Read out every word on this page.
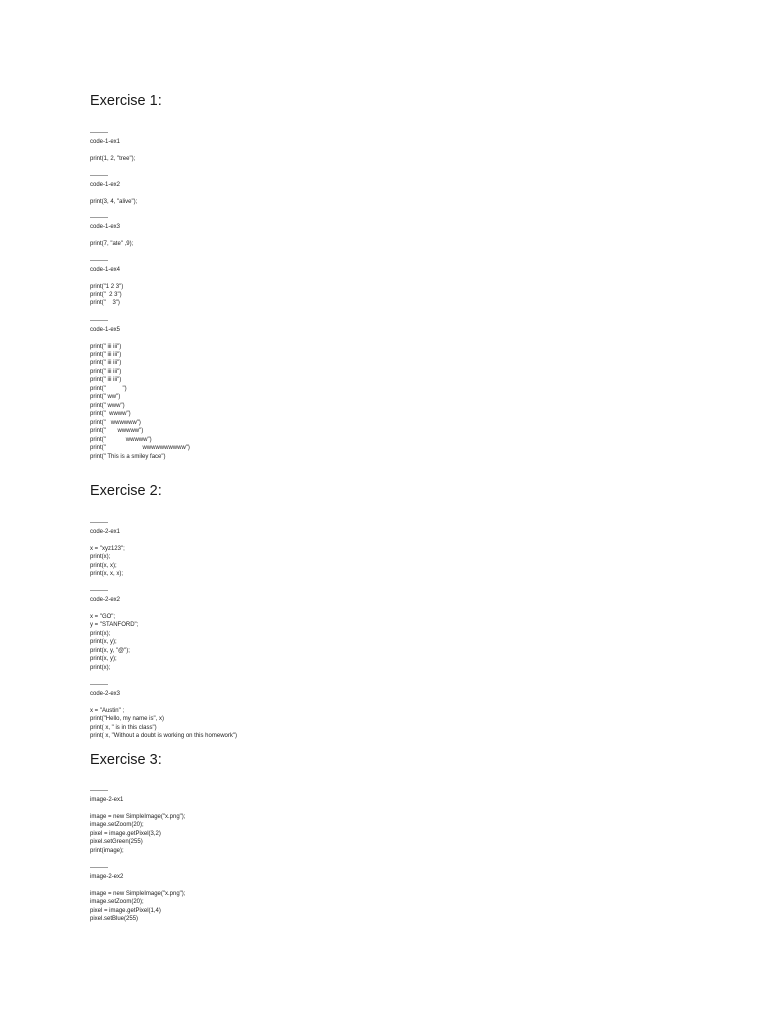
Exercise 1:
———
code-1-ex1
print(1, 2, "tree");
———
code-1-ex2
print(3, 4, "alive");
———
code-1-ex3
print(7, "ate" ,9);
———
code-1-ex4
print("1 2 3")
print("  2 3")
print("    3")
———
code-1-ex5
print(" iii iii")
print(" iii iii")
print(" iii iii")
print(" iii iii")
print(" iii iii")
print("          ")
print(" ww")
print(" www")
print("  wwww")
print("   wwwwww")
print("       wwwww")
print("            wwwww")
print("                      wwwwwwwwww")
print(" This is a smiley face")
Exercise 2:
———
code-2-ex1
x = "xyz123";
print(x);
print(x, x);
print(x, x, x);
———
code-2-ex2
x = "GO";
y = "STANFORD";
print(x);
print(x, y);
print(x, y, "@");
print(x, y);
print(x);
———
code-2-ex3
x = "Austin" ;
print("Hello, my name is", x)
print( x, " is in this class")
print( x, "Without a doubt is working on this homework")
Exercise 3:
———
image-2-ex1
image = new SimpleImage("x.png");
image.setZoom(20);
pixel = image.getPixel(3,2)
pixel.setGreen(255)
print(image);
———
image-2-ex2
image = new SimpleImage("x.png");
image.setZoom(20);
pixel = image.getPixel(1,4)
pixel.setBlue(255)
